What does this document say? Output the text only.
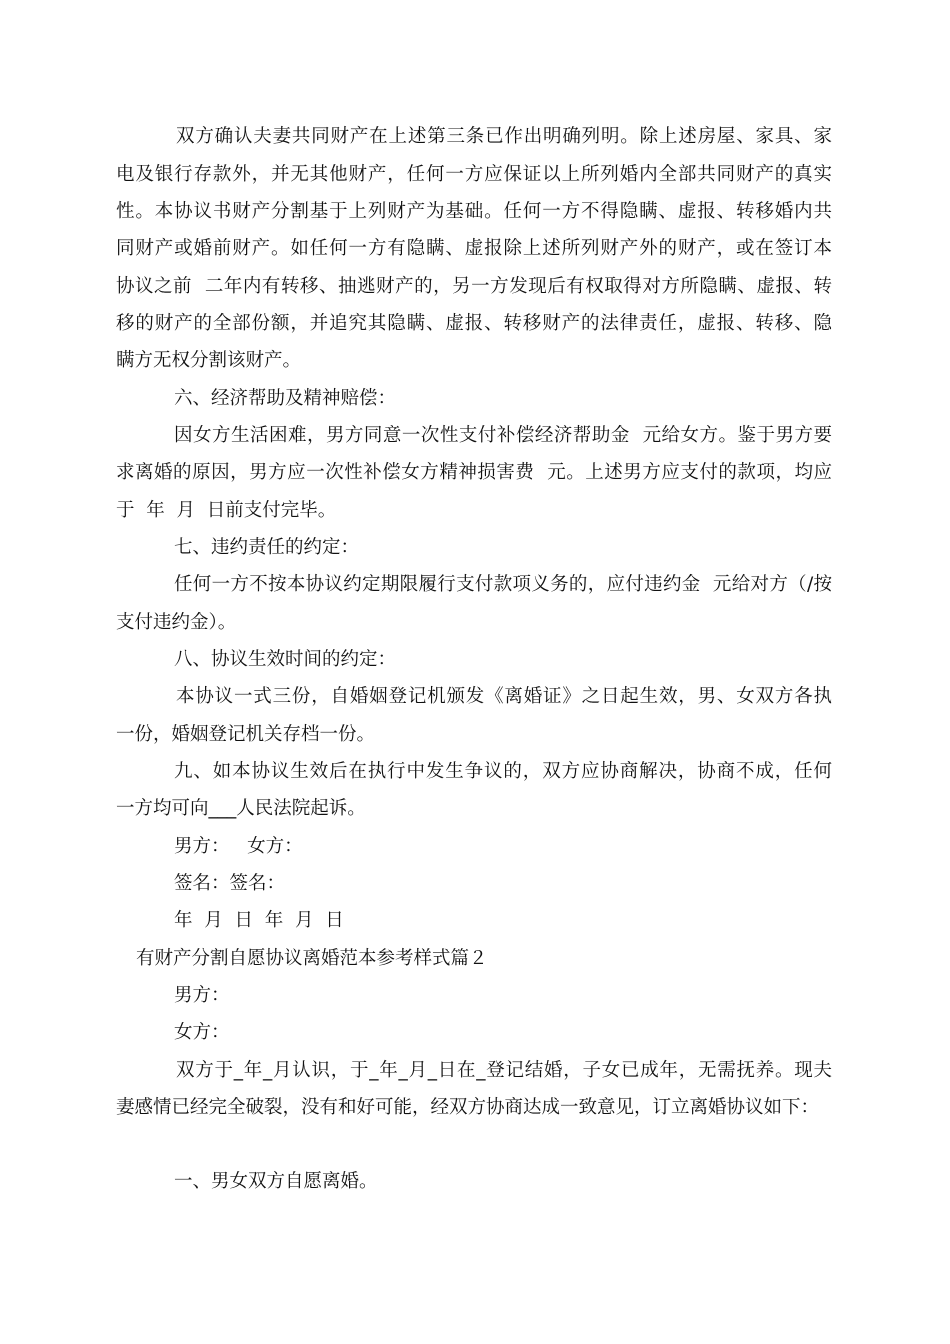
双方确认夫妻共同财产在上述第三条已作出明确列明。除上述房屋、家具、家
电及银行存款外，并无其他财产，任何一方应保证以上所列婚内全部共同财产的真实
性。本协议书财产分割基于上列财产为基础。任何一方不得隐瞒、虚报、转移婚内共
同财产或婚前财产。如任何一方有隐瞒、虚报除上述所列财产外的财产，或在签订本
协议之前  二年内有转移、抽逃财产的，另一方发现后有权取得对方所隐瞒、虚报、转
移的财产的全部份额，并追究其隐瞒、虚报、转移财产的法律责任，虚报、转移、隐
瞒方无权分割该财产。
六、经济帮助及精神赔偿：
因女方生活困难，男方同意一次性支付补偿经济帮助金  元给女方。鉴于男方要
求离婚的原因，男方应一次性补偿女方精神损害费  元。上述男方应支付的款项，均应
于  年  月  日前支付完毕。
七、违约责任的约定：
任何一方不按本协议约定期限履行支付款项义务的，应付违约金  元给对方（/按
支付违约金）。
八、协议生效时间的约定：
本协议一式三份，自婚姻登记机颁发《离婚证》之日起生效，男、女双方各执
一份，婚姻登记机关存档一份。
九、如本协议生效后在执行中发生争议的，双方应协商解决，协商不成，任何
一方均可向___人民法院起诉。
男方：   女方：
签名：签名：
年  月  日  年  月  日
有财产分割自愿协议离婚范本参考样式篇２
男方：
女方：
双方于_年_月认识，于_年_月_日在_登记结婚，子女已成年，无需抚养。现夫
妻感情已经完全破裂，没有和好可能，经双方协商达成一致意见，订立离婚协议如下：
一、男女双方自愿离婚。
